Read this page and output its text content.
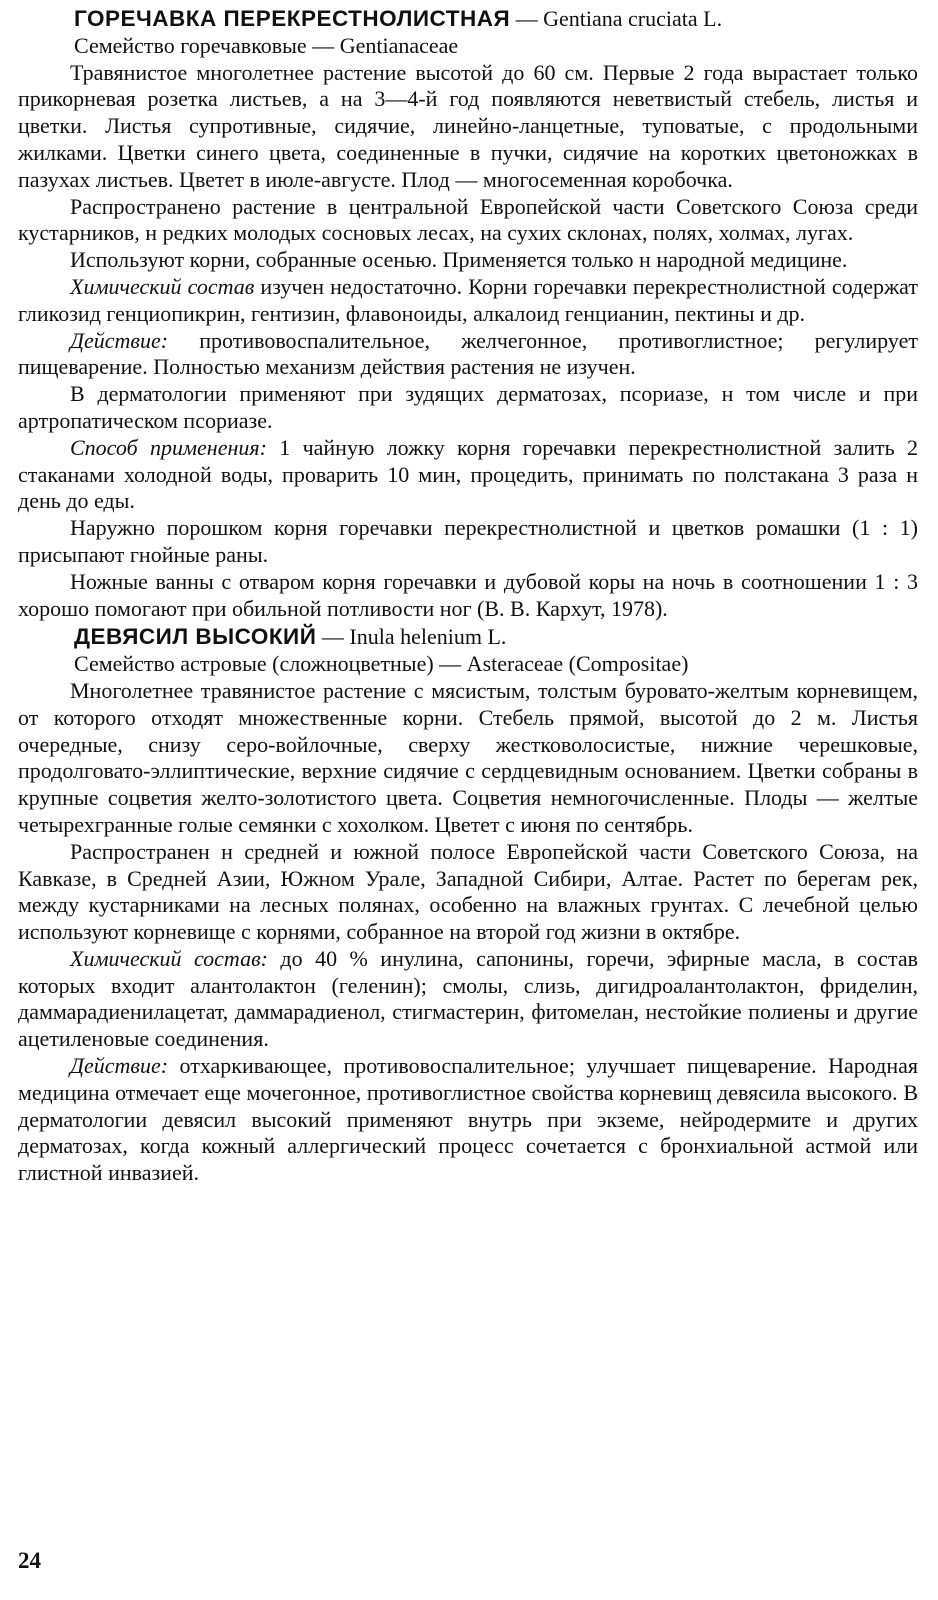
ГОРЕЧАВКА ПЕРЕКРЕСТНОЛИСТНАЯ — Gentiana cruciata L.
Семейство горечавковые — Gentianaceae
Травянистое многолетнее растение высотой до 60 см. Первые 2 года вырастает только прикорневая розетка листьев, а на 3—4-й год появляются неветвистый стебель, листья и цветки. Листья супротивные, сидячие, линейно-ланцетные, туповатые, с продольными жилками. Цветки синего цвета, соединенные в пучки, сидячие на коротких цветоножках в пазухах листьев. Цветет в июле-августе. Плод — многосеменная коробочка.
Распространено растение в центральной Европейской части Советского Союза среди кустарников, н редких молодых сосновых лесах, на сухих склонах, полях, холмах, лугах.
Используют корни, собранные осенью. Применяется только н народной медицине.
Химический состав изучен недостаточно. Корни горечавки перекрестнолистной содержат гликозид генциопикрин, гентизин, флавоноиды, алкалоид генцианин, пектины и др.
Действие: противовоспалительное, желчегонное, противоглистное; регулирует пищеварение. Полностью механизм действия растения не изучен.
В дерматологии применяют при зудящих дерматозах, псориазе, н том числе и при артропатическом псориазе.
Способ применения: 1 чайную ложку корня горечавки перекрестнолистной залить 2 стаканами холодной воды, проварить 10 мин, процедить, принимать по полстакана 3 раза н день до еды.
Наружно порошком корня горечавки перекрестнолистной и цветков ромашки (1 : 1) присыпают гнойные раны.
Ножные ванны с отваром корня горечавки и дубовой коры на ночь в соотношении 1 : 3 хорошо помогают при обильной потливости ног (В. В. Кархут, 1978).
ДЕВЯСИЛ ВЫСОКИЙ — Inula helenium L.
Семейство астровые (сложноцветные) — Asteraceae (Compositae)
Многолетнее травянистое растение с мясистым, толстым буровато-желтым корневищем, от которого отходят множественные корни. Стебель прямой, высотой до 2 м. Листья очередные, снизу серо-войлочные, сверху жестковолосистые, нижние черешковые, продолговато-эллиптические, верхние сидячие с сердцевидным основанием. Цветки собраны в крупные соцветия желто-золотистого цвета. Соцветия немногочисленные. Плоды — желтые четырехгранные голые семянки с хохолком. Цветет с июня по сентябрь.
Распространен н средней и южной полосе Европейской части Советского Союза, на Кавказе, в Средней Азии, Южном Урале, Западной Сибири, Алтае. Растет по берегам рек, между кустарниками на лесных полянах, особенно на влажных грунтах. С лечебной целью используют корневище с корнями, собранное на второй год жизни в октябре.
Химический состав: до 40 % инулина, сапонины, горечи, эфирные масла, в состав которых входит алантолактон (геленин); смолы, слизь, дигидроалантолактон, фриделин, даммарадиенилацетат, даммарадиенол, стигмастерин, фитомелан, нестойкие полиены и другие ацетиленовые соединения.
Действие: отхаркивающее, противовоспалительное; улучшает пищеварение. Народная медицина отмечает еще мочегонное, противоглистное свойства корневищ девясила высокого. В дерматологии девясил высокий применяют внутрь при экземе, нейродермите и других дерматозах, когда кожный аллергический процесс сочетается с бронхиальной астмой или глистной инвазией.
24
